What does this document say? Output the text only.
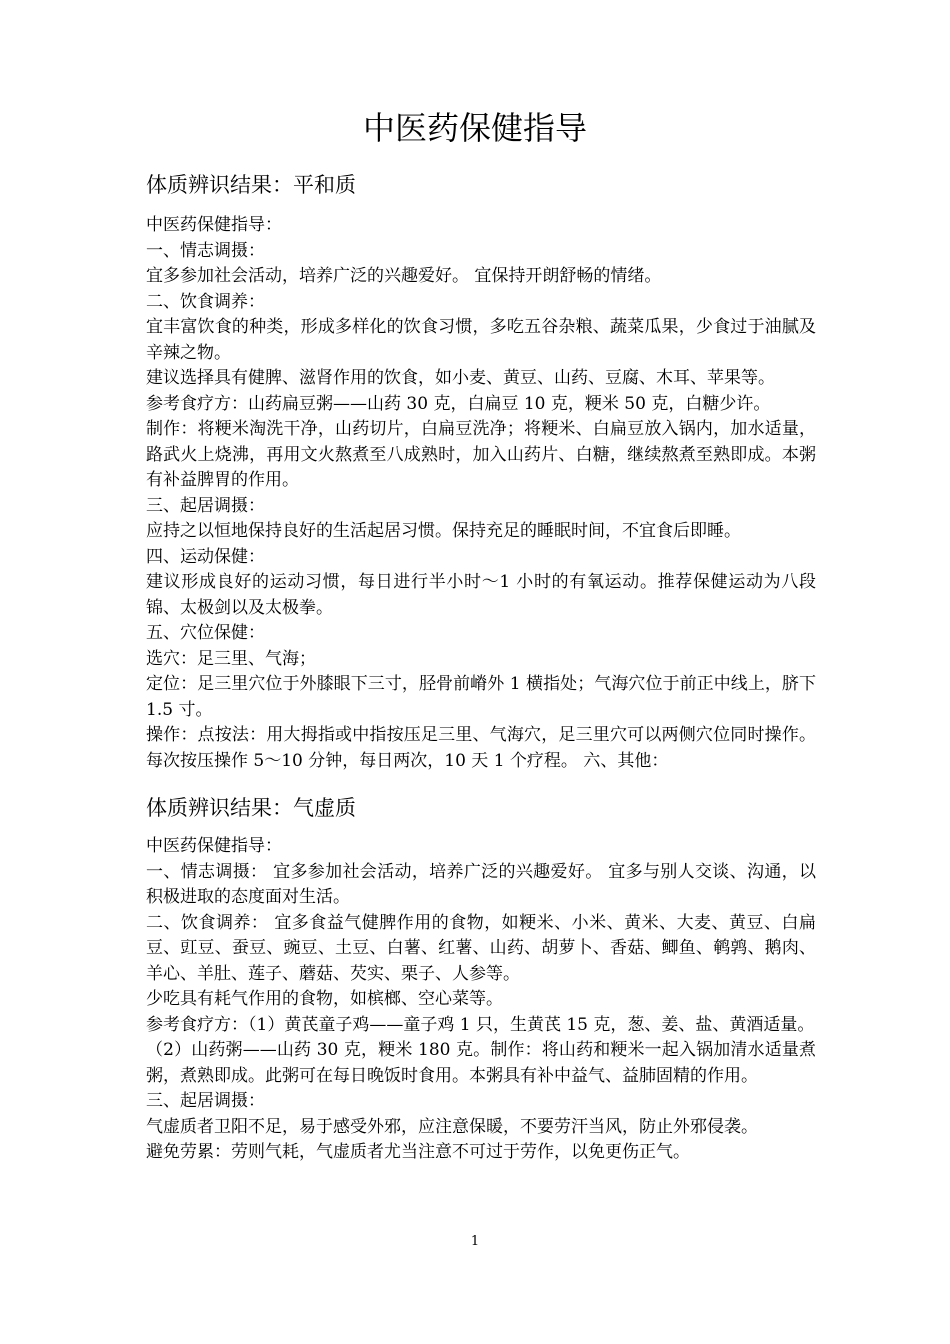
中医药保健指导
体质辨识结果：平和质

中医药保健指导：

一、情志调摄：

宜多参加社会活动，培养广泛的兴趣爱好。 宜保持开朗舒畅的情绪。

二、饮食调养：

宜丰富饮食的种类，形成多样化的饮食习惯，多吃五谷杂粮、蔬菜瓜果，少食过于油腻及辛辣之物。

建议选择具有健脾、滋肾作用的饮食，如小麦、黄豆、山药、豆腐、木耳、苹果等。

参考食疗方：山药扁豆粥——山药 30 克，白扁豆 10 克，粳米 50 克，白糖少许。

制作：将粳米淘洗干净，山药切片，白扁豆洗净；将粳米、白扁豆放入锅内，加水适量，路武火上烧沸，再用文火熬煮至八成熟时，加入山药片、白糖，继续熬煮至熟即成。本粥有补益脾胃的作用。

三、起居调摄：

应持之以恒地保持良好的生活起居习惯。保持充足的睡眠时间，不宜食后即睡。

四、运动保健：

建议形成良好的运动习惯，每日进行半小时～1 小时的有氧运动。推荐保健运动为八段锦、太极剑以及太极拳。

五、穴位保健：

选穴：足三里、气海；

定位：足三里穴位于外膝眼下三寸，胫骨前嵴外 1 横指处；气海穴位于前正中线上，脐下 1.5 寸。

操作：点按法：用大拇指或中指按压足三里、气海穴，足三里穴可以两侧穴位同时操作。每次按压操作 5～10 分钟，每日两次，10 天 1 个疗程。 六、其他：

体质辨识结果：气虚质

中医药保健指导：

一、情志调摄： 宜多参加社会活动，培养广泛的兴趣爱好。 宜多与别人交谈、沟通，以积极进取的态度面对生活。

二、饮食调养： 宜多食益气健脾作用的食物，如粳米、小米、黄米、大麦、黄豆、白扁豆、豇豆、蚕豆、豌豆、土豆、白薯、红薯、山药、胡萝卜、香菇、鲫鱼、鹌鹑、鹅肉、羊心、羊肚、莲子、蘑菇、芡实、栗子、人参等。

少吃具有耗气作用的食物，如槟榔、空心菜等。

参考食疗方：（1）黄芪童子鸡——童子鸡 1 只，生黄芪 15 克，葱、姜、盐、黄酒适量。

（2）山药粥——山药 30 克，粳米 180 克。制作：将山药和粳米一起入锅加清水适量煮粥，煮熟即成。此粥可在每日晚饭时食用。本粥具有补中益气、益肺固精的作用。

三、起居调摄：

气虚质者卫阳不足，易于感受外邪，应注意保暖，不要劳汗当风，防止外邪侵袭。

避免劳累：劳则气耗，气虚质者尤当注意不可过于劳作，以免更伤正气。

1
